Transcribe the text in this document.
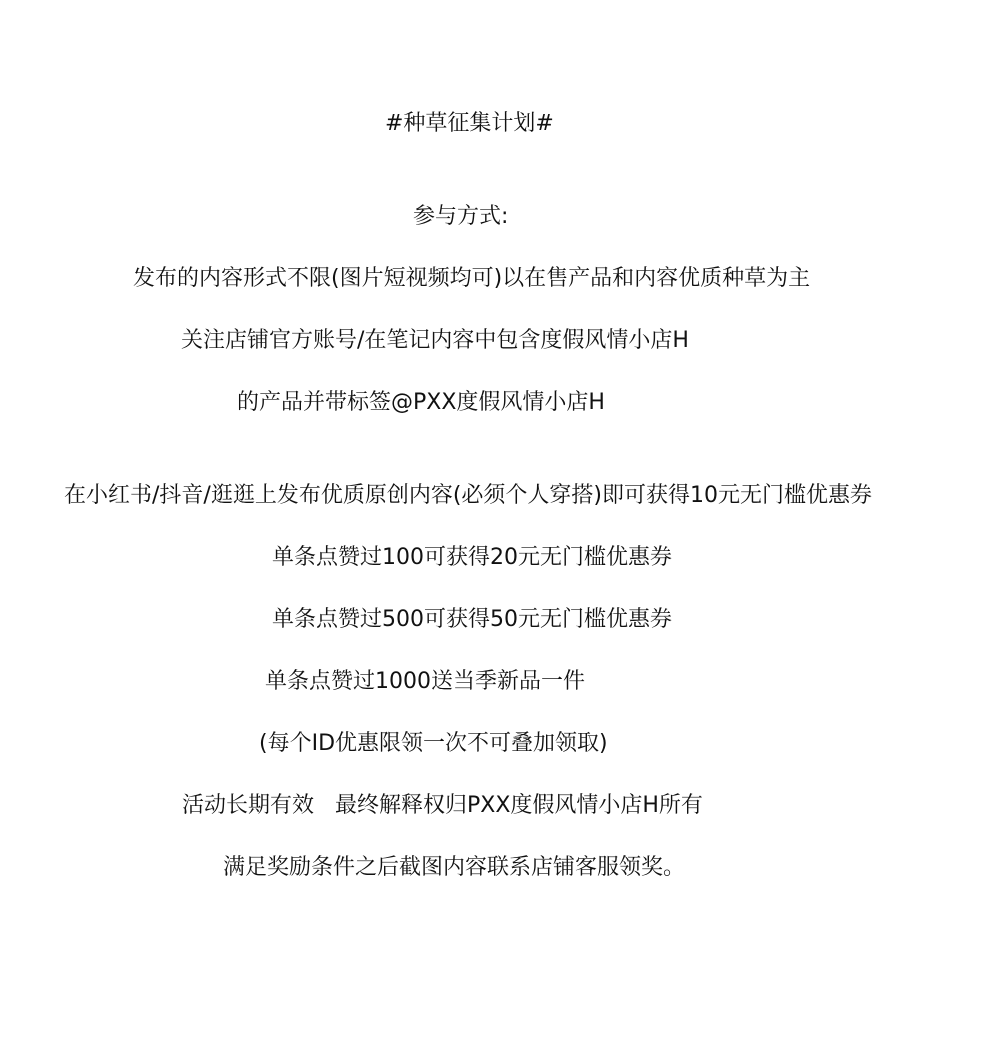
#种草征集计划#
参与方式:
发布的内容形式不限(图片短视频均可)以在售产品和内容优质种草为主
关注店铺官方账号/在笔记内容中包含度假风情小店H
的产品并带标签@PXX度假风情小店H
在小红书/抖音/逛逛上发布优质原创内容(必须个人穿搭)即可获得10元无门槛优惠券
单条点赞过100可获得20元无门槛优惠券
单条点赞过500可获得50元无门槛优惠券
单条点赞过1000送当季新品一件
(每个ID优惠限领一次不可叠加领取)
活动长期有效   最终解释权归PXX度假风情小店H所有
满足奖励条件之后截图内容联系店铺客服领奖。
